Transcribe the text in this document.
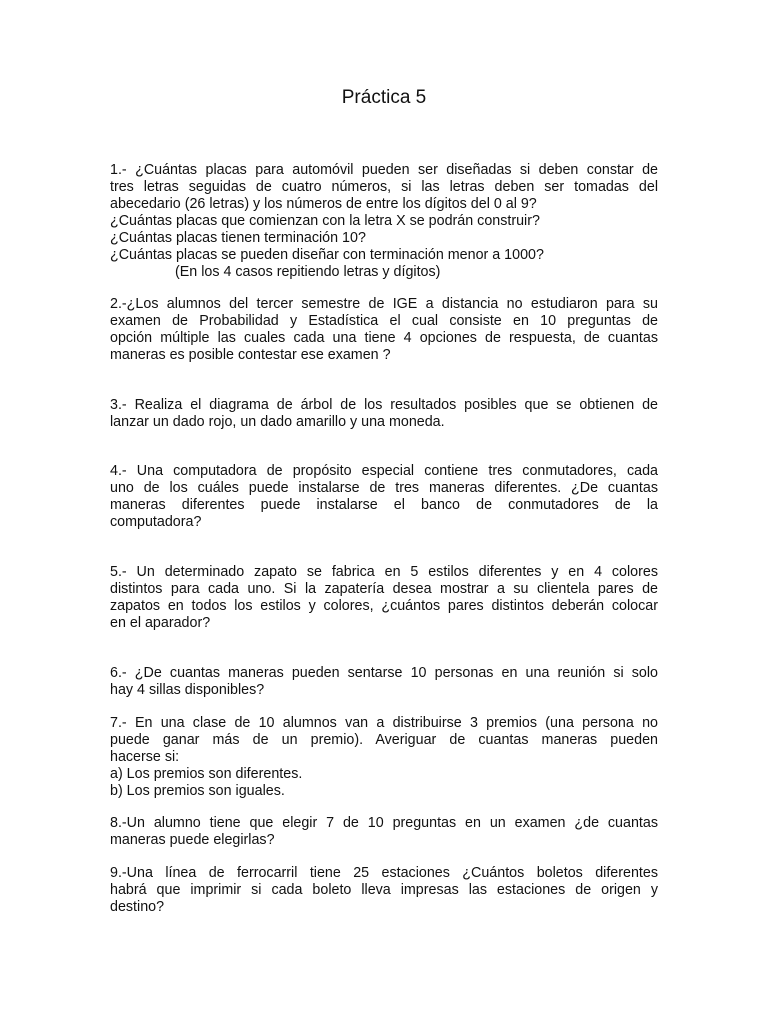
Práctica 5
1.- ¿Cuántas placas para automóvil pueden ser diseñadas si deben constar de
tres letras seguidas de cuatro números, si las letras deben ser tomadas del
abecedario (26 letras) y los números de entre los dígitos del 0 al 9?
¿Cuántas placas que comienzan con la letra X se podrán construir?
¿Cuántas placas tienen terminación 10?
¿Cuántas placas se pueden diseñar con terminación menor a 1000?
(En los 4 casos repitiendo letras y dígitos)
2.-¿Los alumnos del tercer semestre de IGE a distancia no estudiaron para su
examen de Probabilidad y Estadística el cual consiste en 10 preguntas de
opción múltiple las cuales cada una tiene 4 opciones de respuesta, de cuantas
maneras es posible contestar ese examen ?
3.- Realiza el diagrama de árbol de los resultados posibles que se obtienen de
lanzar un dado rojo, un dado amarillo y una moneda.
4.- Una computadora de propósito especial contiene tres conmutadores, cada
uno de los cuáles puede instalarse de tres maneras diferentes. ¿De cuantas
maneras diferentes puede instalarse el banco de conmutadores de la
computadora?
5.- Un determinado zapato se fabrica en 5 estilos diferentes y en 4 colores
distintos para cada uno. Si la zapatería desea mostrar a su clientela pares de
zapatos en todos los estilos y colores, ¿cuántos pares distintos deberán colocar
en el aparador?
6.- ¿De cuantas maneras pueden sentarse 10 personas en una reunión si solo
hay 4 sillas disponibles?
7.- En una clase de 10 alumnos van a distribuirse 3 premios (una persona no
puede ganar más de un premio). Averiguar de cuantas maneras pueden
hacerse si:
a) Los premios son diferentes.
b) Los premios son iguales.
8.-Un alumno tiene que elegir 7 de 10 preguntas en un examen ¿de cuantas
maneras puede elegirlas?
9.-Una línea de ferrocarril tiene 25 estaciones ¿Cuántos boletos diferentes
habrá que imprimir si cada boleto lleva impresas las estaciones de origen y
destino?
